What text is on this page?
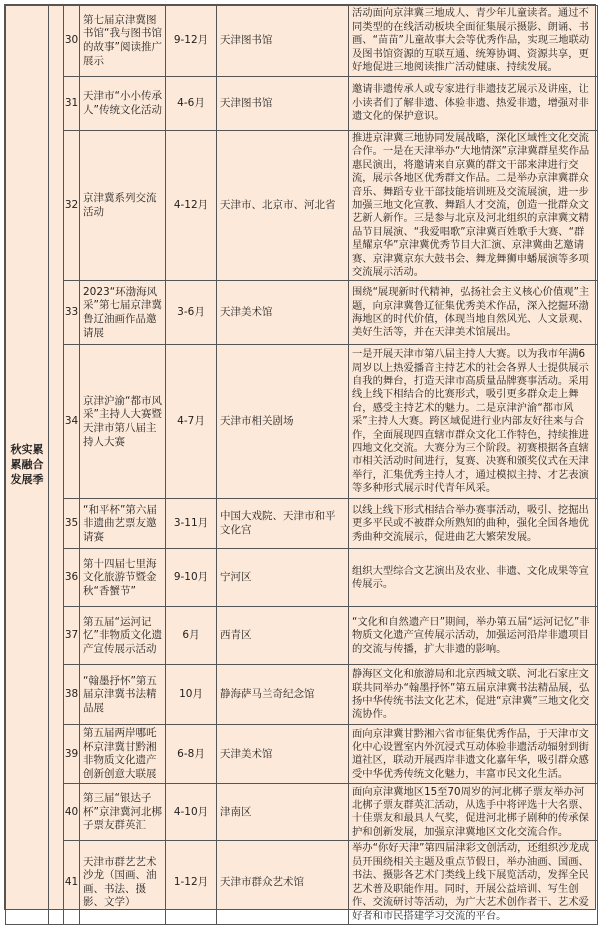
秋实累累融合发展季		30	第七届京津冀图书馆“我与图书馆的故事”阅读推广展示	9-12月	天津图书馆	活动面向京津冀三地成人、青少年儿童读者。通过不同类型的在线活动板块全面征集展示摄影、朗诵、书画、“苗苗”儿童故事大会等优秀作品，实现三地联动及图书馆资源的互联互通、统筹协调、资源共享，更好地促进三地阅读推广活动健康、持续发展。
		31	天津市“小小传承人”传统文化活动	4-6月	天津图书馆	邀请非遗传承人或专家进行非遗技艺展示及讲座，让小读者们了解非遗、体验非遗、热爱非遗，增强对非遗文化的保护意识。
		32	京津冀系列交流活动	4-12月	天津市、北京市、河北省	推进京津冀三地协同发展战略，深化区域性文化交流合作。一是在天津举办“大地情深”京津冀群星奖作品惠民演出，将邀请来自京冀的群文干部来津进行交流，展示各地区优秀群文作品。二是举办京津冀群众音乐、舞蹈专业干部技能培训班及交流展演，进一步加强三地文化宣教、舞蹈人才交流，创造一批群众文艺新人新作。三是参与北京及河北组织的京津冀文精品节目展演、“我爱唱歌”京津冀百姓歌手大赛、“群星耀京华”京津冀优秀节目大汇演、京津冀曲艺邀请赛、京津冀京东大鼓书会、舞龙舞狮申蟠展演等多项交流展示活动。
		33	2023“环渤海风采”第七届京津冀鲁辽油画作品邀请展	3-6月	天津美术馆	围绕“展现新时代精神，弘扬社会主义核心价值观”主题，向京津冀鲁辽征集优秀美术作品，深入挖掘环渤海地区的时代价值，体现当地自然风光、人文景观、美好生活等，并在天津美术馆展出。
		34	京津沪渝“都市风采”主持人大赛暨天津市第八届主持人大赛	4-7月	天津市相关剧场	一是开展天津市第八届主持人大赛。以为我市年满6周岁以上热爱播音主持艺术的社会各界人士提供展示自我的舞台，打造天津市高质量品牌赛事活动。采用线上线下相结合的比赛形式，吸引更多群众走上舞台，感受主持艺术的魅力。二是京津沪渝“都市风采”主持人大赛。跨区域促进行业内部友好往来与合作，全面展现四直辖市群众文化工作特色，持续推进四地文化交流。大赛分为三个阶段。初赛根据各直辖市相关活动时间进行，复赛、决赛和颁奖仪式在天津举行，汇集优秀主持人才，通过模拟主持、才艺表演等多种形式展示时代青年风采。
		35	“和平杯”第六届非遗曲艺票友邀请赛	3-11月	中国大戏院、天津市和平文化宫	以线上线下形式相结合举办赛事活动，吸引、挖掘出更多平民或不被群众所熟知的曲种，强化全国各地优秀曲种交流展示，促进曲艺大繁荣发展。
		36	第十四届七里海文化旅游节暨金秋“香蟹节”	9-10月	宁河区	组织大型综合文艺演出及农业、非遗、文化成果等宣传展示。
		37	第五届“运河记忆”非物质文化遗产宣传展示活动	6月	西青区	“文化和自然遗产日”期间，举办第五届“运河记忆”非物质文化遗产宣传展示活动，加强运河沿岸非遗项目的交流与传播，扩大非遗的影响。
		38	“翰墨抒怀”第五届京津冀书法精品展	10月	静海萨马兰奇纪念馆	静海区文化和旅游局和北京西城文联、河北石家庄文联共同举办“翰墨抒怀”第五届京津冀书法精品展，弘扬中华传统书法文化艺术，促进“京津冀”三地文化交流协作。
		39	第五届两岸哪吒杯京津冀甘黔湘非物质文化遗产创新创意大联展	6-8月	天津美术馆	面向京津冀甘黔湘六省市征集优秀作品，于天津市文化中心设置室内外沉浸式互动体验非遗活动辐射到街道社区，联动开展西岸非遗文化嘉年华，吸引群众感受中华优秀传统文化魅力，丰富市民文化生活。
		40	第三届“银达子杯”京津冀河北梆子票友群英汇	4-10月	津南区	面向京津冀地区15至70周岁的河北梆子票友举办河北梆子票友群英汇活动，从选手中将评选十大名票、十佳票友和最具人气奖，促进河北梆子剧种的传承保护和创新发展，加强京津冀地区文化交流合作。
		41	天津市群艺艺术沙龙（国画、油画、书法、摄影、文学）	1-12月	天津市群众艺术馆	举办“你好天津”第四届津彩文创活动，还组织沙龙成员开围绕相关主题及重点节假日，举办油画、国画、书法、摄影各艺术门类线上线下展览活动，发挥全民艺术普及职能作用。同时，开展公益培训、写生创作、交流研讨等活动，为广大艺术创作者干、艺术爱好者和市民搭建学习交流的平台。
